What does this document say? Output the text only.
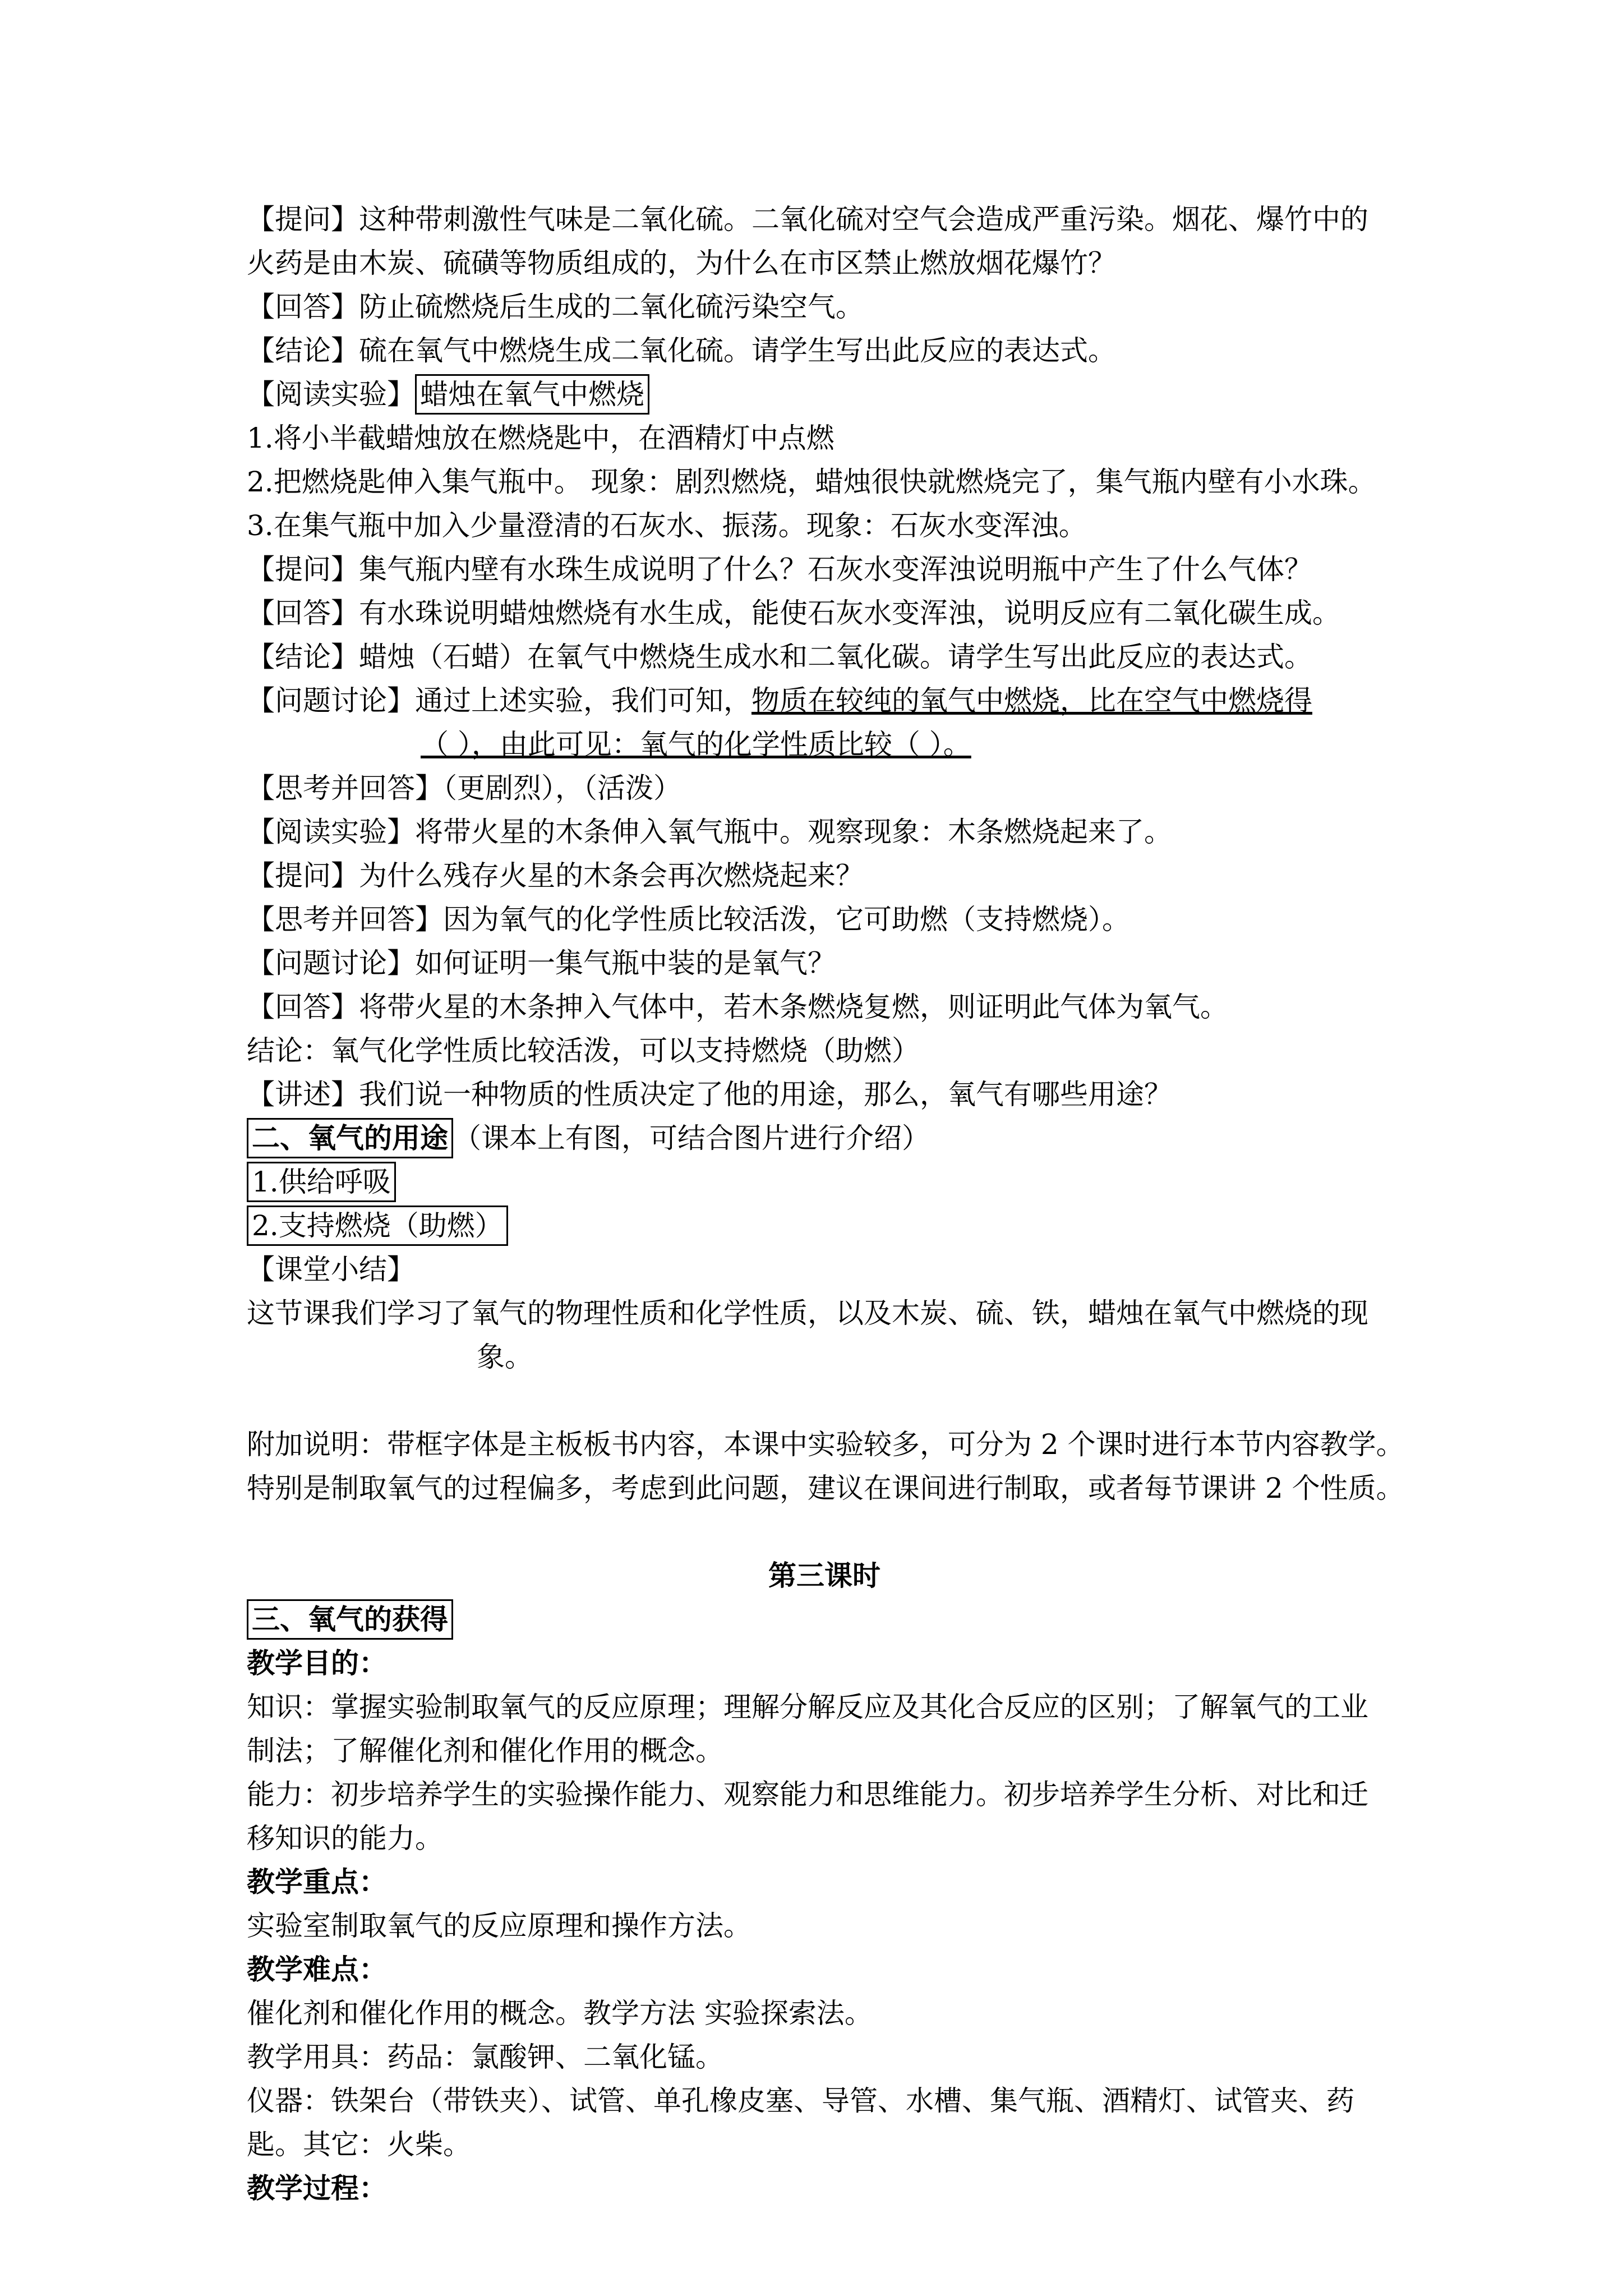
【提问】这种带刺激性气味是二氧化硫。二氧化硫对空气会造成严重污染。烟花、爆竹中的
火药是由木炭、硫磺等物质组成的，为什么在市区禁止燃放烟花爆竹？
【回答】防止硫燃烧后生成的二氧化硫污染空气。
【结论】硫在氧气中燃烧生成二氧化硫。请学生写出此反应的表达式。
【阅读实验】 蜡烛在氧气中燃烧
1.将小半截蜡烛放在燃烧匙中，在酒精灯中点燃
2.把燃烧匙伸入集气瓶中。 现象：剧烈燃烧，蜡烛很快就燃烧完了，集气瓶内壁有小水珠。
3.在集气瓶中加入少量澄清的石灰水、振荡。现象：石灰水变浑浊。
【提问】集气瓶内壁有水珠生成说明了什么？石灰水变浑浊说明瓶中产生了什么气体？
【回答】有水珠说明蜡烛燃烧有水生成，能使石灰水变浑浊，说明反应有二氧化碳生成。
【结论】蜡烛（石蜡）在氧气中燃烧生成水和二氧化碳。请学生写出此反应的表达式。
【问题讨论】通过上述实验，我们可知，物质在较纯的氧气中燃烧，比在空气中燃烧得
（ ），由此可见：氧气的化学性质比较（ ）。
【思考并回答】（更剧烈），（活泼）
【阅读实验】将带火星的木条伸入氧气瓶中。观察现象：木条燃烧起来了。
【提问】为什么残存火星的木条会再次燃烧起来？
【思考并回答】因为氧气的化学性质比较活泼，它可助燃（支持燃烧）。
【问题讨论】如何证明一集气瓶中装的是氧气？
【回答】将带火星的木条抻入气体中，若木条燃烧复燃，则证明此气体为氧气。
结论：氧气化学性质比较活泼，可以支持燃烧（助燃）
【讲述】我们说一种物质的性质决定了他的用途，那么，氧气有哪些用途？
二、氧气的用途 （课本上有图，可结合图片进行介绍）
1.供给呼吸
2.支持燃烧（助燃）
【课堂小结】
这节课我们学习了氧气的物理性质和化学性质，以及木炭、硫、铁，蜡烛在氧气中燃烧的现
象。
附加说明：带框字体是主板板书内容，本课中实验较多，可分为 2 个课时进行本节内容教学。
特别是制取氧气的过程偏多，考虑到此问题，建议在课间进行制取，或者每节课讲 2 个性质。
第三课时
三、氧气的获得
教学目的：
知识：掌握实验制取氧气的反应原理；理解分解反应及其化合反应的区别；了解氧气的工业
制法；了解催化剂和催化作用的概念。
能力：初步培养学生的实验操作能力、观察能力和思维能力。初步培养学生分析、对比和迁
移知识的能力。
教学重点：
实验室制取氧气的反应原理和操作方法。
教学难点：
催化剂和催化作用的概念。教学方法 实验探索法。
教学用具：药品：氯酸钾、二氧化锰。
仪器：铁架台（带铁夹）、试管、单孔橡皮塞、导管、水槽、集气瓶、酒精灯、试管夹、药
匙。其它：火柴。
教学过程：
